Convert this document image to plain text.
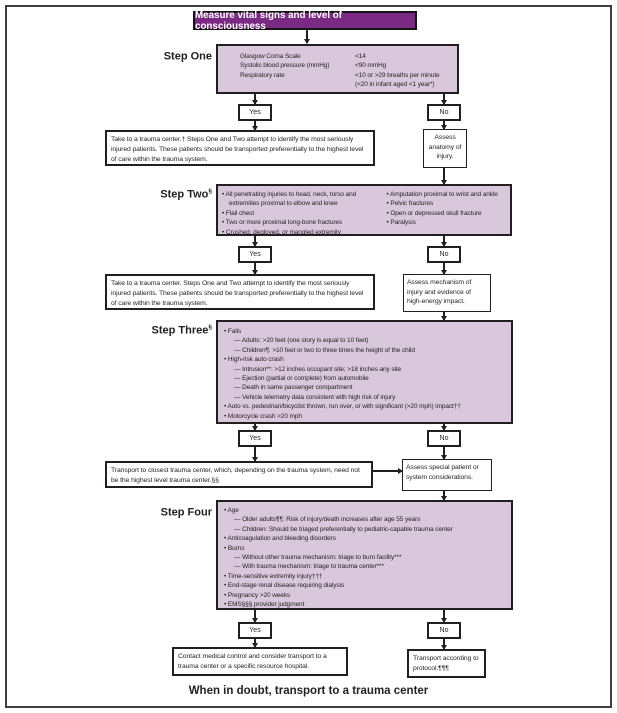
Measure vital signs and level of consciousness
Step One	Glasgow Coma Scale	<14
Systolic blood pressure (mmHg)	<90 mmHg
Respiratory rate	<10 or >29 breaths per minute
(<20 in infant aged <1 year*)
Yes	No
Take to a trauma center.† Steps One and Two attempt to identify the most seriously injured patients. These patients should be transported preferentially to the highest level of care within the trauma system.
Assess anatomy of injury.
Step Two§ • All penetrating injuries to head, neck, torso and extremities proximal to elbow and knee
• Flail chest
• Two or more proximal long-bone fractures
• Crushed, degloved, or mangled extremity
• Amputation proximal to wrist and ankle
• Pelvic fractures
• Open or depressed skull fracture
• Paralysis
Yes	No
Take to a trauma center. Steps One and Two attempt to identify the most seriously injured patients. These patients should be transported preferentially to the highest level of care within the trauma system.
Assess mechanism of injury and evidence of high-energy impact.
Step Three§
• Falls
— Adults: >20 feet (one story is equal to 10 feet)
— Children¶: >10 feet or two to three times the height of the child
• High-risk auto crash
— Intrusion**: >12 inches occupant site; >18 inches any site
— Ejection (partial or complete) from automobile
— Death in same passenger compartment
— Vehicle telemetry data consistent with high risk of injury
• Auto vs. pedestrian/bicyclist thrown, run over, or with significant (>20 mph) impact††
• Motorcycle crash >20 mph
Yes	No
Transport to closest trauma center, which, depending on the trauma system, need not be the highest level trauma center.§§
Assess special patient or system considerations.
Step Four • Age
— Older adults¶¶: Risk of injury/death increases after age 55 years
— Children: Should be triaged preferentially to pediatric-capable trauma center
• Anticoagulation and bleeding disorders
• Burns
— Without other trauma mechanism: triage to burn facility***
— With trauma mechanism: triage to trauma center***
• Time-sensitive extremity injury†††
• End-stage renal disease requiring dialysis
• Pregnancy >20 weeks
• EMS§§§ provider judgment
Yes	No
Contact medical control and consider transport to a trauma center or a specific resource hospital.
Transport according to protocol.¶¶¶
When in doubt, transport to a trauma center
